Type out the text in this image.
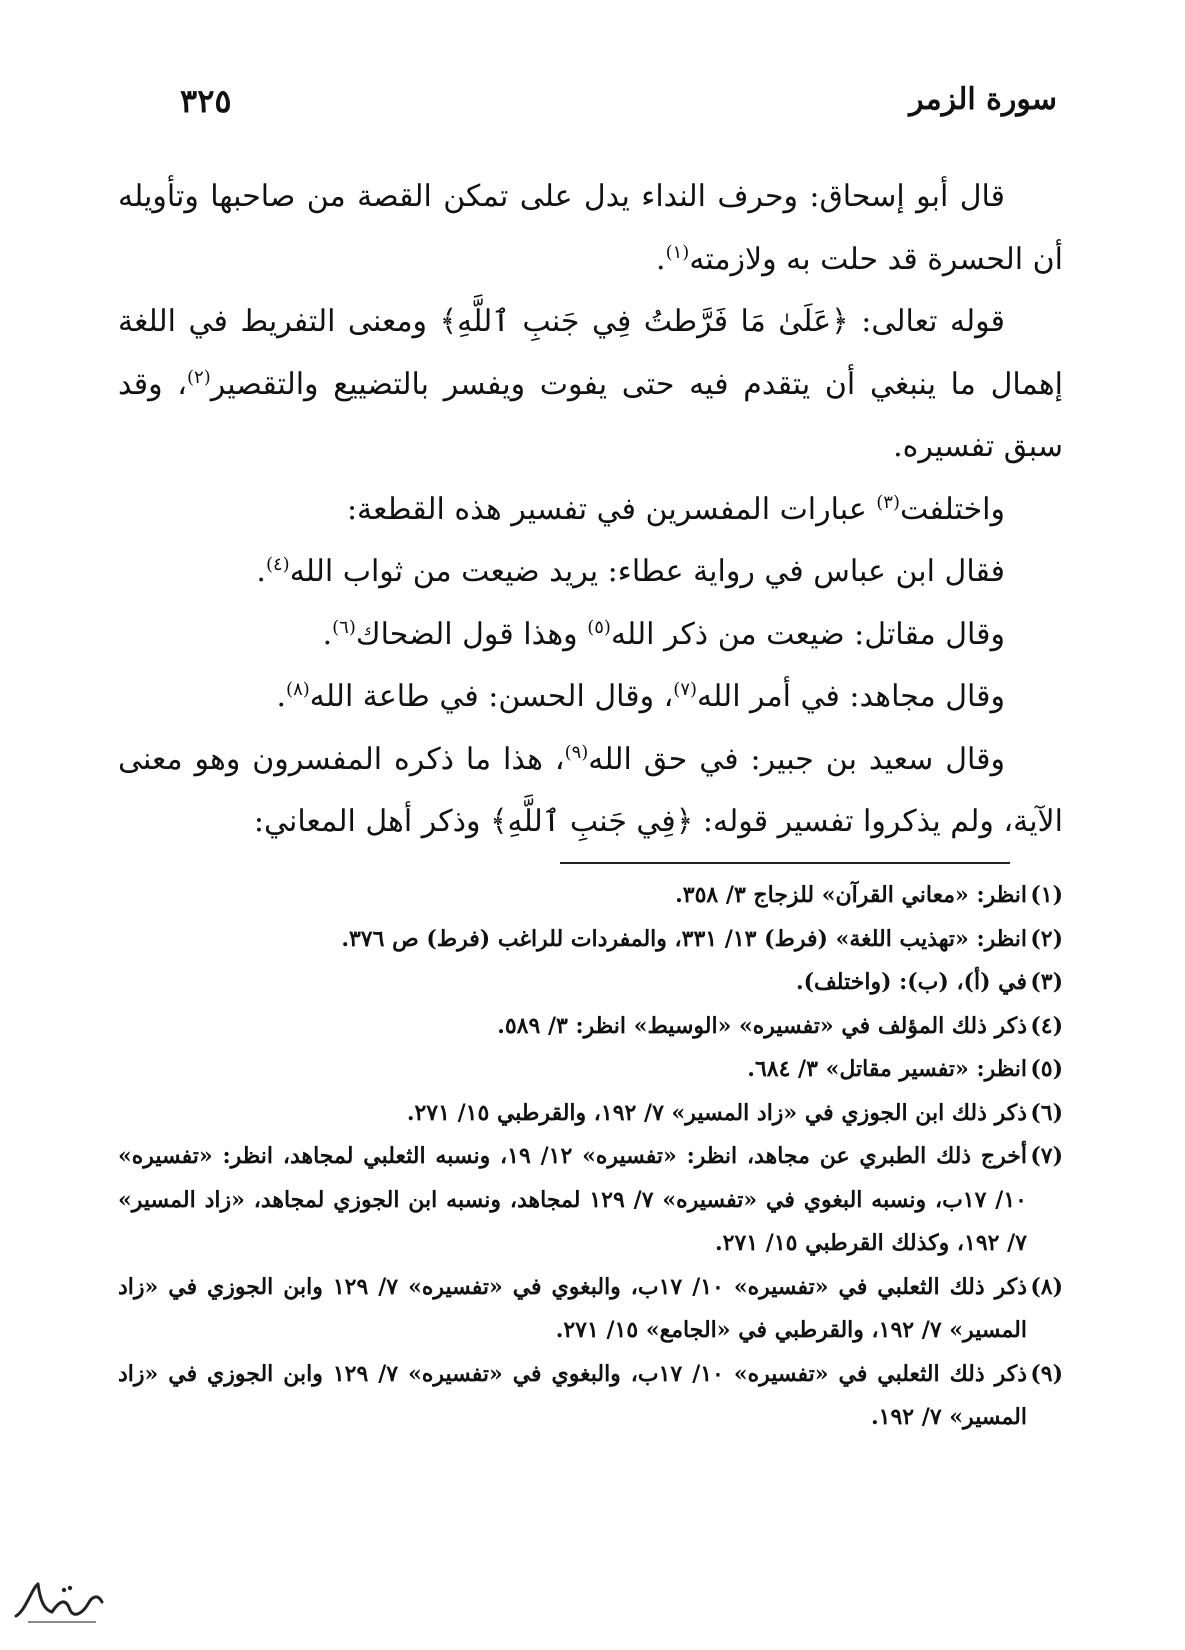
سورة الزمر
٣٢٥

قال أبو إسحاق: وحرف النداء يدل على تمكن القصة من صاحبها وتأويله أن الحسرة قد حلت به ولازمته$^{(١)}$.

قوله تعالى: ﴿عَلَىٰ مَا فَرَّطتُ فِي جَنبِ ٱللَّهِ﴾ ومعنى التفريط في اللغة إهمال ما ينبغي أن يتقدم فيه حتى يفوت ويفسر بالتضييع والتقصير$^{(٢)}$، وقد سبق تفسيره.

واختلفت$^{(٣)}$ عبارات المفسرين في تفسير هذه القطعة:

فقال ابن عباس في رواية عطاء: يريد ضيعت من ثواب الله$^{(٤)}$.

وقال مقاتل: ضيعت من ذكر الله$^{(٥)}$ وهذا قول الضحاك$^{(٦)}$.

وقال مجاهد: في أمر الله$^{(٧)}$، وقال الحسن: في طاعة الله$^{(٨)}$.

وقال سعيد بن جبير: في حق الله$^{(٩)}$، هذا ما ذكره المفسرون وهو معنى الآية، ولم يذكروا تفسير قوله: ﴿فِي جَنبِ ٱللَّهِ﴾ وذكر أهل المعاني:

(١)
انظر: «معاني القرآن» للزجاج ٣/ ٣٥٨.
(٢)
انظر: «تهذيب اللغة» (فرط) ١٣/ ٣٣١، والمفردات للراغب (فرط) ص ٣٧٦.
(٣)
في (أ)، (ب): (واختلف).
(٤)
ذكر ذلك المؤلف في «تفسيره» «الوسيط» انظر: ٣/ ٥٨٩.
(٥)
انظر: «تفسير مقاتل» ٣/ ٦٨٤.
(٦)
ذكر ذلك ابن الجوزي في «زاد المسير» ٧/ ١٩٢، والقرطبي ١٥/ ٢٧١.
(٧)
أخرج ذلك الطبري عن مجاهد، انظر: «تفسيره» ١٢/ ١٩، ونسبه الثعلبي لمجاهد، انظر: «تفسيره» ١٠/ ١٧ب، ونسبه البغوي في «تفسيره» ٧/ ١٢٩ لمجاهد، ونسبه ابن الجوزي لمجاهد، «زاد المسير» ٧/ ١٩٢، وكذلك القرطبي ١٥/ ٢٧١.
(٨)
ذكر ذلك الثعلبي في «تفسيره» ١٠/ ١٧ب، والبغوي في «تفسيره» ٧/ ١٢٩ وابن الجوزي في «زاد المسير» ٧/ ١٩٢، والقرطبي في «الجامع» ١٥/ ٢٧١.
(٩)
ذكر ذلك الثعلبي في «تفسيره» ١٠/ ١٧ب، والبغوي في «تفسيره» ٧/ ١٢٩ وابن الجوزي في «زاد المسير» ٧/ ١٩٢.
